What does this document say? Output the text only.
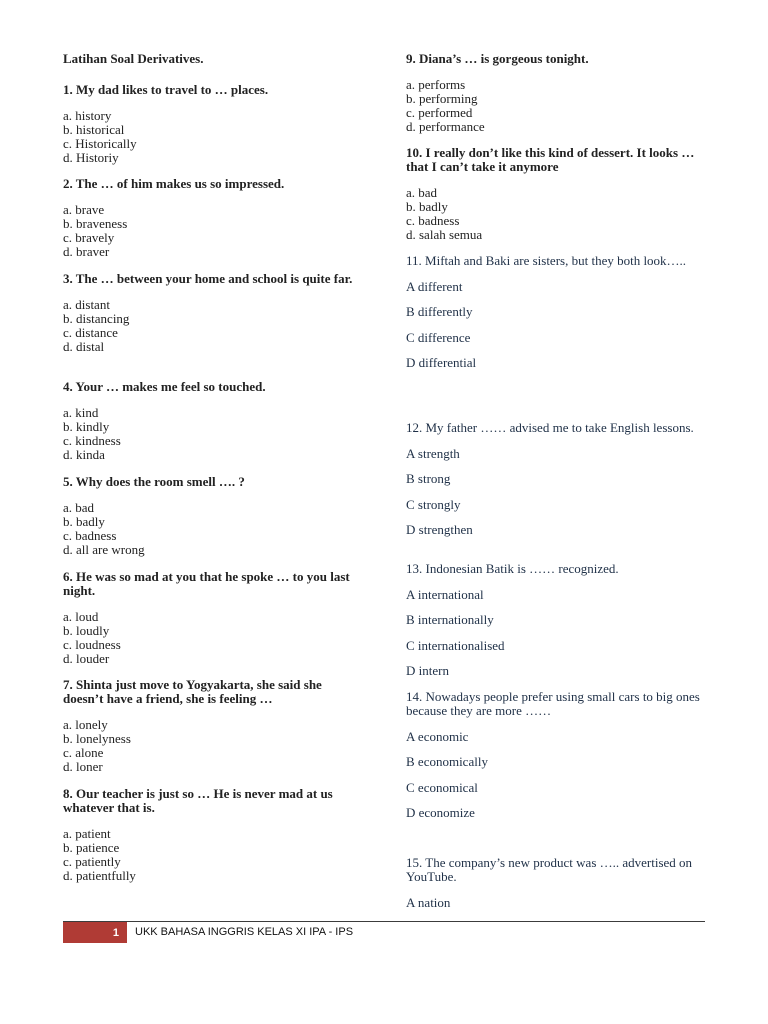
Latihan Soal Derivatives.

1. My dad likes to travel to … places.

a. history
b. historical
c. Historically
d. Historiy

2. The … of him makes us so impressed.

a. brave
b. braveness
c. bravely
d. braver

3. The … between your home and school is quite far.

a. distant
b. distancing
c. distance
d. distal

4. Your … makes me feel so touched.

a. kind
b. kindly
c. kindness
d. kinda

5. Why does the room smell …. ?

a. bad
b. badly
c. badness
d. all are wrong

6. He was so mad at you that he spoke … to you last night.

a. loud
b. loudly
c. loudness
d. louder

7. Shinta just move to Yogyakarta, she said she doesn’t have a friend, she is feeling …

a. lonely
b. lonelyness
c. alone
d. loner

8. Our teacher is just so … He is never mad at us whatever that is.

a. patient
b. patience
c. patiently
d. patientfully

9. Diana’s … is gorgeous tonight.

a. performs
b. performing
c. performed
d. performance

10. I really don’t like this kind of dessert. It looks … that I can’t take it anymore

a. bad
b. badly
c. badness
d. salah semua

11. Miftah and Baki are sisters, but they both look…..

A different
B differently
C difference
D differential

12. My father …… advised me to take English lessons.

A strength
B strong
C strongly
D strengthen

13. Indonesian Batik is …… recognized.

A international
B internationally
C internationalised
D intern

14. Nowadays people prefer using small cars to big ones because they are more ……

A economic
B economically
C economical
D economize

15. The company’s new product was ….. advertised on YouTube.

A nation
1	UKK BAHASA INGGRIS KELAS XI IPA - IPS
